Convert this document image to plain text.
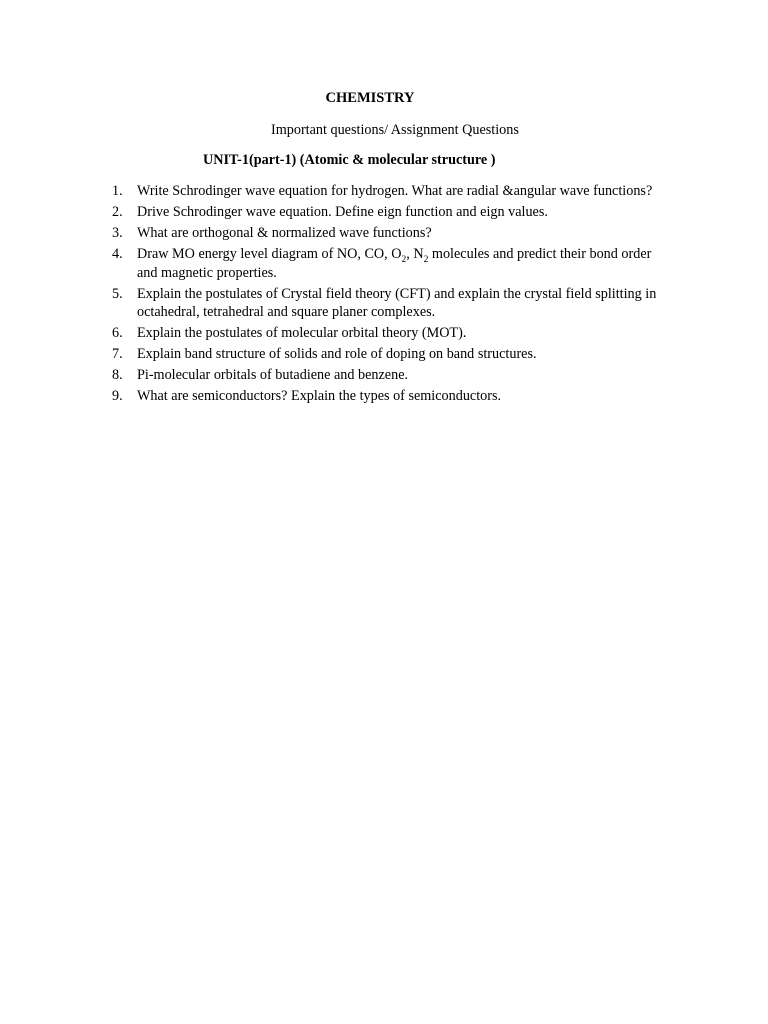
CHEMISTRY

Important questions/ Assignment Questions

UNIT-1(part-1) (Atomic & molecular structure )

1. Write Schrodinger wave equation for hydrogen. What are radial &angular wave functions?
2. Drive Schrodinger wave equation. Define eign function and eign values.
3. What are orthogonal & normalized wave functions?
4. Draw MO energy level diagram of NO, CO, $O_2$, $N_2$ molecules and predict their bond order and magnetic properties.
5. Explain the postulates of Crystal field theory (CFT) and explain the crystal field splitting in octahedral, tetrahedral and square planer complexes.
6. Explain the postulates of molecular orbital theory (MOT).
7. Explain band structure of solids and role of doping on band structures.
8. Pi-molecular orbitals of butadiene and benzene.
9. What are semiconductors? Explain the types of semiconductors.
